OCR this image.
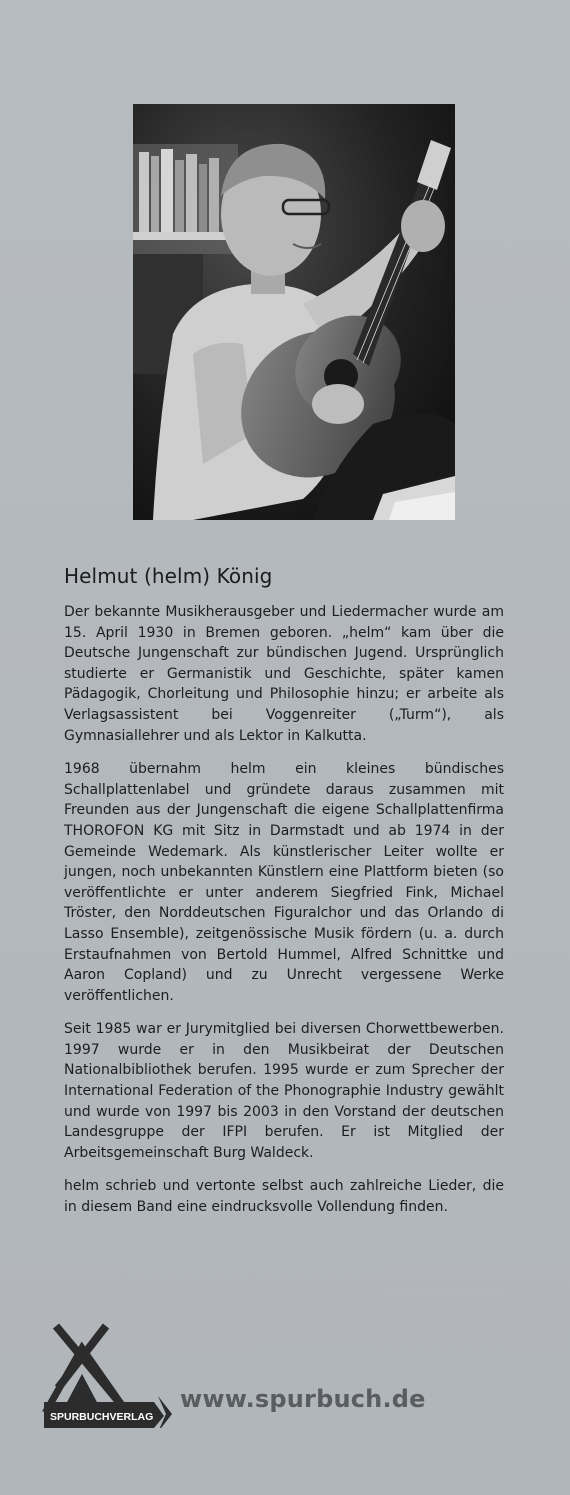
Helmut (helm) König

Der bekannte Musikherausgeber und Liedermacher wurde am 15. April 1930 in Bremen geboren. „helm“ kam über die Deutsche Jungenschaft zur bündischen Jugend. Ursprünglich studierte er Germanistik und Geschichte, später kamen Pädagogik, Chorleitung und Philosophie hinzu; er arbeite als Verlagsassistent bei Voggenreiter („Turm“), als Gymnasiallehrer und als Lektor in Kalkutta.

1968 übernahm helm ein kleines bündisches Schallplattenlabel und gründete daraus zusammen mit Freunden aus der Jungenschaft die eigene Schallplattenfirma THOROFON KG mit Sitz in Darmstadt und ab 1974 in der Gemeinde Wedemark. Als künstlerischer Leiter wollte er jungen, noch unbekannten Künstlern eine Plattform bieten (so veröffentlichte er unter anderem Siegfried Fink, Michael Tröster, den Norddeutschen Figuralchor und das Orlando di Lasso Ensemble), zeitgenössische Musik fördern (u. a. durch Erstaufnahmen von Bertold Hummel, Alfred Schnittke und Aaron Copland) und zu Unrecht vergessene Werke veröffentlichen.

Seit 1985 war er Jurymitglied bei diversen Chorwettbewerben. 1997 wurde er in den Musikbeirat der Deutschen Nationalbibliothek berufen. 1995 wurde er zum Sprecher der International Federation of the Phonographie Industry gewählt und wurde von 1997 bis 2003 in den Vorstand der deutschen Landesgruppe der IFPI berufen. Er ist Mitglied der Arbeitsgemeinschaft Burg Waldeck.

helm schrieb und vertonte selbst auch zahlreiche Lieder, die in diesem Band eine eindrucksvolle Vollendung finden.

SPURBUCHVERLAG
www.spurbuch.de
